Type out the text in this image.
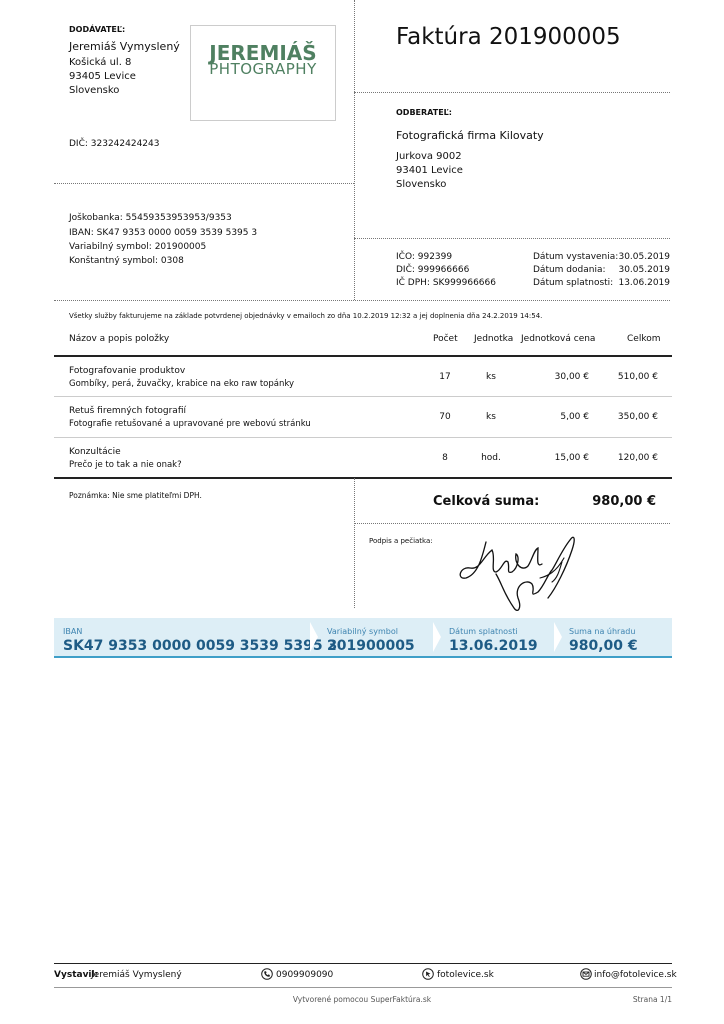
DODÁVATEĽ:
Jeremiáš Vymyslený
Košická ul. 8
93405 Levice
Slovensko
DIČ: 323242424243
JEREMIÁŠ
PHTOGRAPHY
Joškobanka: 55459353953953/9353
IBAN: SK47 9353 0000 0059 3539 5395 3
Variabilný symbol: 201900005
Konštantný symbol: 0308
Faktúra 201900005
ODBERATEĽ:
Fotografická firma Kilovaty
Jurkova 9002
93401 Levice
Slovensko
IČO: 992399
DIČ: 999966666
IČ DPH: SK999966666
Dátum vystavenia: 30.05.2019
Dátum dodania:	30.05.2019
Dátum splatnosti: 13.06.2019
Všetky služby fakturujeme na základe potvrdenej objednávky v emailoch zo dňa 10.2.2019 12:32 a jej doplnenia dňa 24.2.2019 14:54.
Názov a popis položky	Počet Jednotka Jednotková cena	Celkom
Fotografovanie produktov
Gombíky, perá, žuvačky, krabice na eko raw topánky
17	ks	30,00 €	510,00 €
Retuš firemných fotografií
Fotografie retušované a upravované pre webovú stránku
70	ks	5,00 €	350,00 €
Konzultácie
Prečo je to tak a nie onak?
8	hod.	15,00 €	120,00 €
Poznámka: Nie sme platiteľmi DPH.	Celková suma:	980,00 €
Podpis a pečiatka:
IBAN
SK47 9353 0000 0059 3539 5395 3
Variabilný symbol
201900005
Dátum splatnosti
13.06.2019
Suma na úhradu
980,00 €
Vystavil:
Jeremiáš Vymyslený	0909909090	fotolevice.sk	info@fotolevice.sk
Vytvorené pomocou SuperFaktúra.sk	Strana 1/1
